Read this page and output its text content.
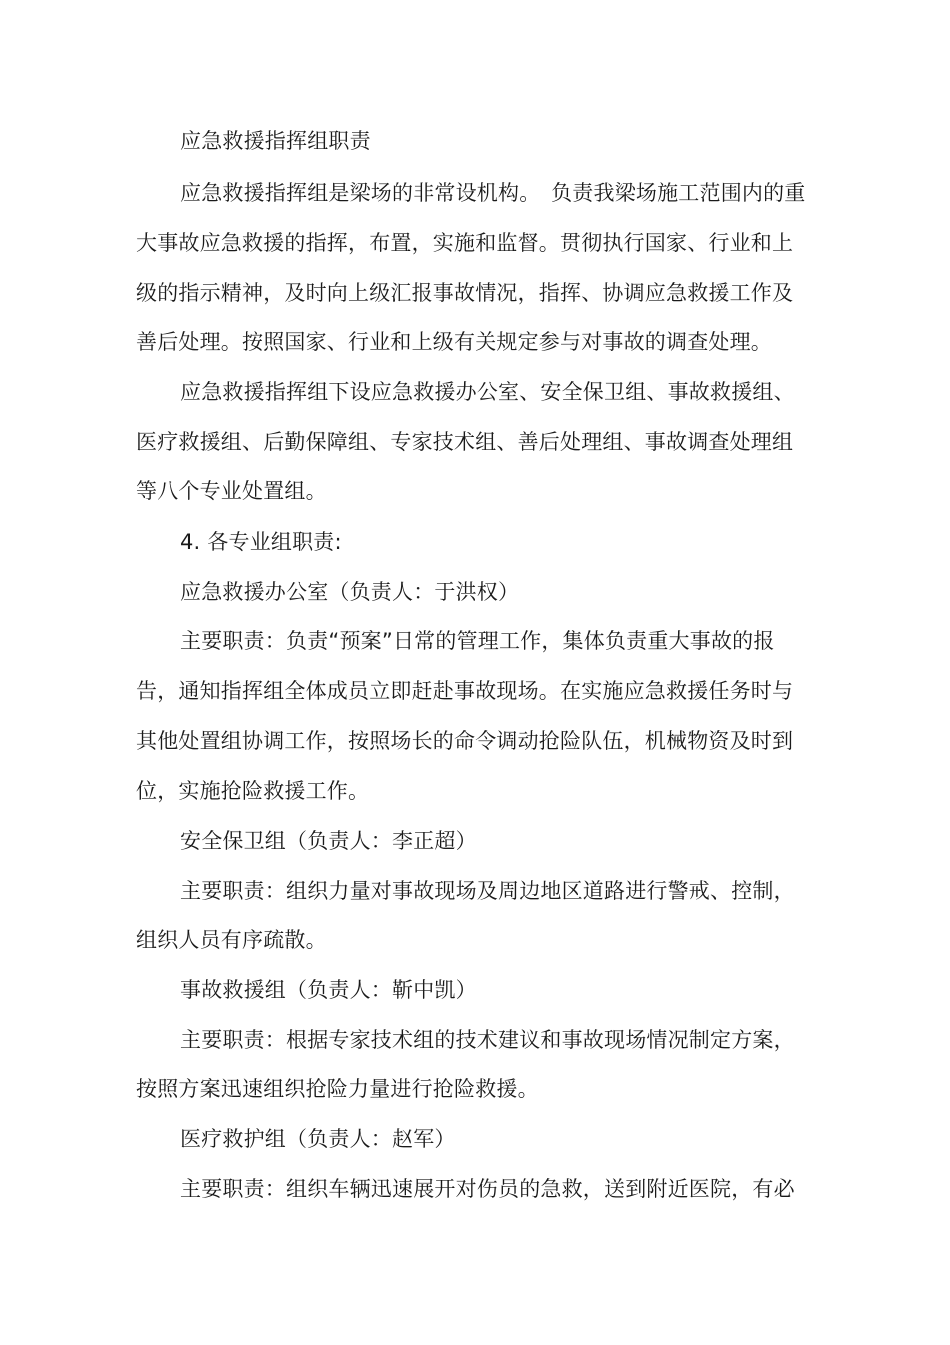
应急救援指挥组职责
应急救援指挥组是梁场的非常设机构。　负责我梁场施工范围内的重
大事故应急救援的指挥，布置，实施和监督。贯彻执行国家、行业和上
级的指示精神，及时向上级汇报事故情况，指挥、协调应急救援工作及
善后处理。按照国家、行业和上级有关规定参与对事故的调查处理。
应急救援指挥组下设应急救援办公室、安全保卫组、事故救援组、
医疗救援组、后勤保障组、专家技术组、善后处理组、事故调查处理组
等八个专业处置组。
4. 各专业组职责:
应急救援办公室（负责人：于洪权）
主要职责：负责“预案”日常的管理工作，集体负责重大事故的报
告，通知指挥组全体成员立即赶赴事故现场。在实施应急救援任务时与
其他处置组协调工作，按照场长的命令调动抢险队伍，机械物资及时到
位，实施抢险救援工作。
安全保卫组（负责人：李正超）
主要职责：组织力量对事故现场及周边地区道路进行警戒、控制，
组织人员有序疏散。
事故救援组（负责人：靳中凯）
主要职责：根据专家技术组的技术建议和事故现场情况制定方案，
按照方案迅速组织抢险力量进行抢险救援。
医疗救护组（负责人：赵军）
主要职责：组织车辆迅速展开对伤员的急救，送到附近医院，有必
